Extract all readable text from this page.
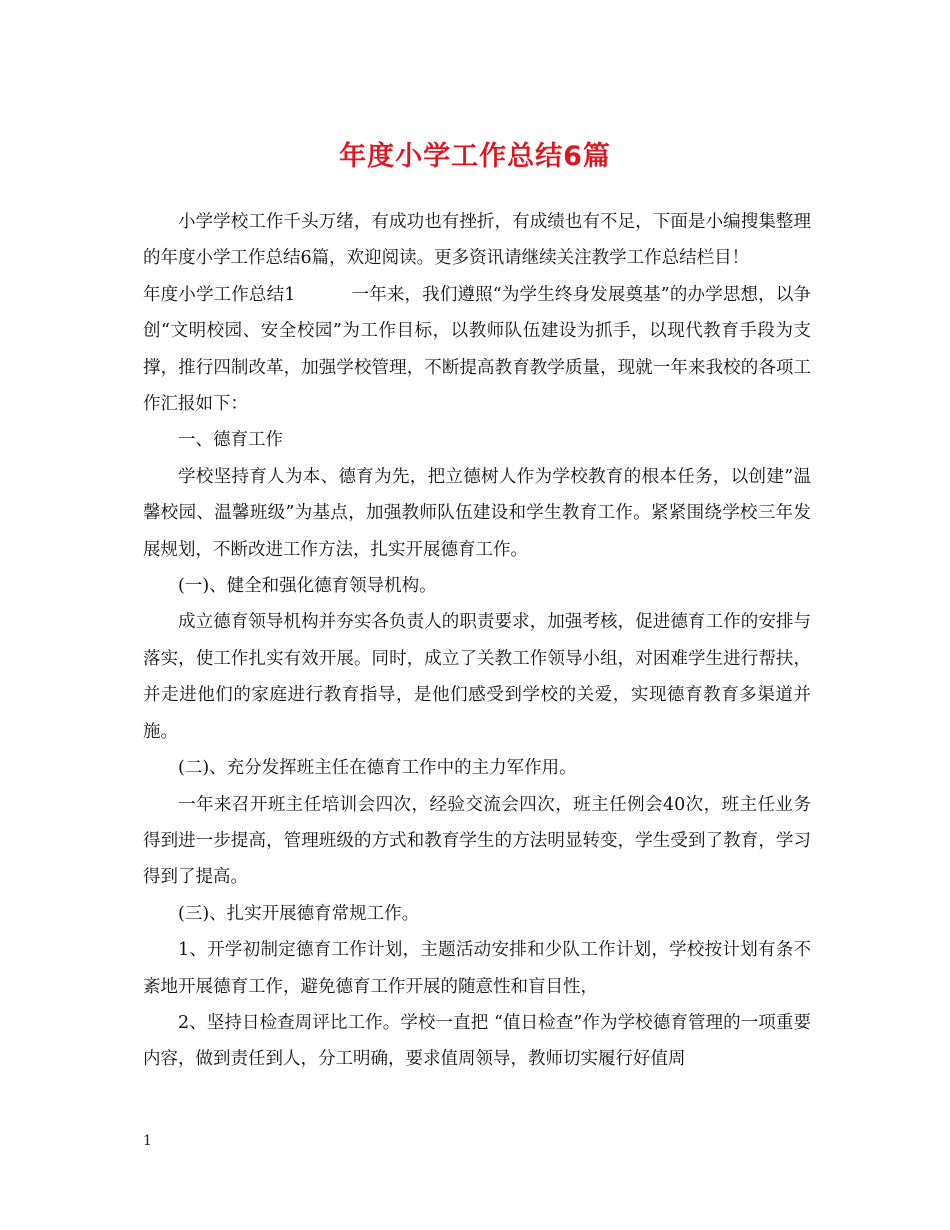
年度小学工作总结6篇

小学学校工作千头万绪，有成功也有挫折，有成绩也有不足，下面是小编搜集整理的年度小学工作总结6篇，欢迎阅读。更多资讯请继续关注教学工作总结栏目！

年度小学工作总结1	一年来，我们遵照“为学生终身发展奠基”的办学思想，以争创“文明校园、安全校园”为工作目标，以教师队伍建设为抓手，以现代教育手段为支撑，推行四制改革，加强学校管理，不断提高教育教学质量，现就一年来我校的各项工作汇报如下：

一、德育工作

学校坚持育人为本、德育为先，把立德树人作为学校教育的根本任务，以创建”温馨校园、温馨班级”为基点，加强教师队伍建设和学生教育工作。紧紧围绕学校三年发展规划，不断改进工作方法，扎实开展德育工作。

(一)、健全和强化德育领导机构。

成立德育领导机构并夯实各负责人的职责要求，加强考核，促进德育工作的安排与落实，使工作扎实有效开展。同时，成立了关教工作领导小组，对困难学生进行帮扶，并走进他们的家庭进行教育指导，是他们感受到学校的关爱，实现德育教育多渠道并施。

(二)、充分发挥班主任在德育工作中的主力军作用。

一年来召开班主任培训会四次，经验交流会四次，班主任例会40次，班主任业务得到进一步提高，管理班级的方式和教育学生的方法明显转变，学生受到了教育，学习得到了提高。

(三)、扎实开展德育常规工作。

1、开学初制定德育工作计划，主题活动安排和少队工作计划，学校按计划有条不紊地开展德育工作，避免德育工作开展的随意性和盲目性，

2、坚持日检查周评比工作。学校一直把 “值日检查”作为学校德育管理的一项重要内容，做到责任到人，分工明确，要求值周领导，教师切实履行好值周

1
